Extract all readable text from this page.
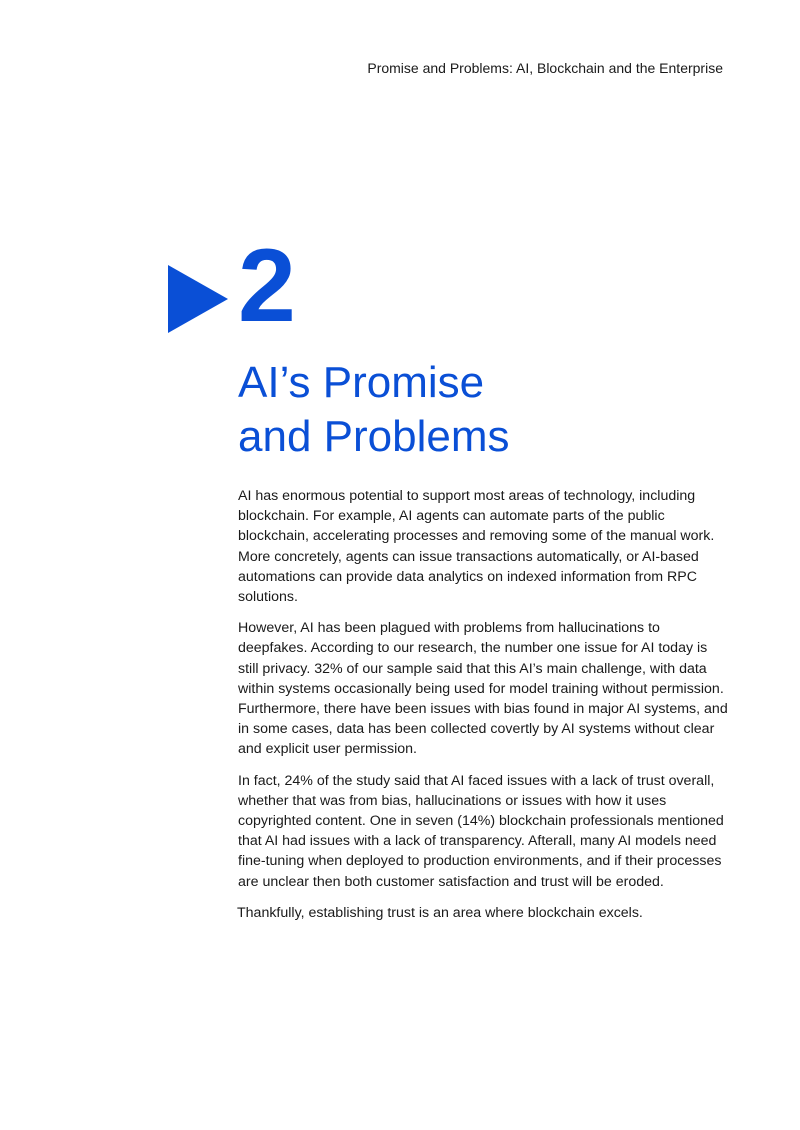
Promise and Problems: AI, Blockchain and the Enterprise
2
AI’s Promise
and Problems

AI has enormous potential to support most areas of technology, including blockchain. For example, AI agents can automate parts of the public blockchain, accelerating processes and removing some of the manual work. More concretely, agents can issue transactions automatically, or AI-based automations can provide data analytics on indexed information from RPC solutions.

However, AI has been plagued with problems from hallucinations to deepfakes. According to our research, the number one issue for AI today is still privacy. 32% of our sample said that this AI’s main challenge, with data within systems occasionally being used for model training without permission. Furthermore, there have been issues with bias found in major AI systems, and in some cases, data has been collected covertly by AI systems without clear and explicit user permission.

In fact, 24% of the study said that AI faced issues with a lack of trust overall, whether that was from bias, hallucinations or issues with how it uses copyrighted content. One in seven (14%) blockchain professionals mentioned that AI had issues with a lack of transparency. Afterall, many AI models need fine-tuning when deployed to production environments, and if their processes are unclear then both customer satisfaction and trust will be eroded.

Thankfully, establishing trust is an area where blockchain excels.
